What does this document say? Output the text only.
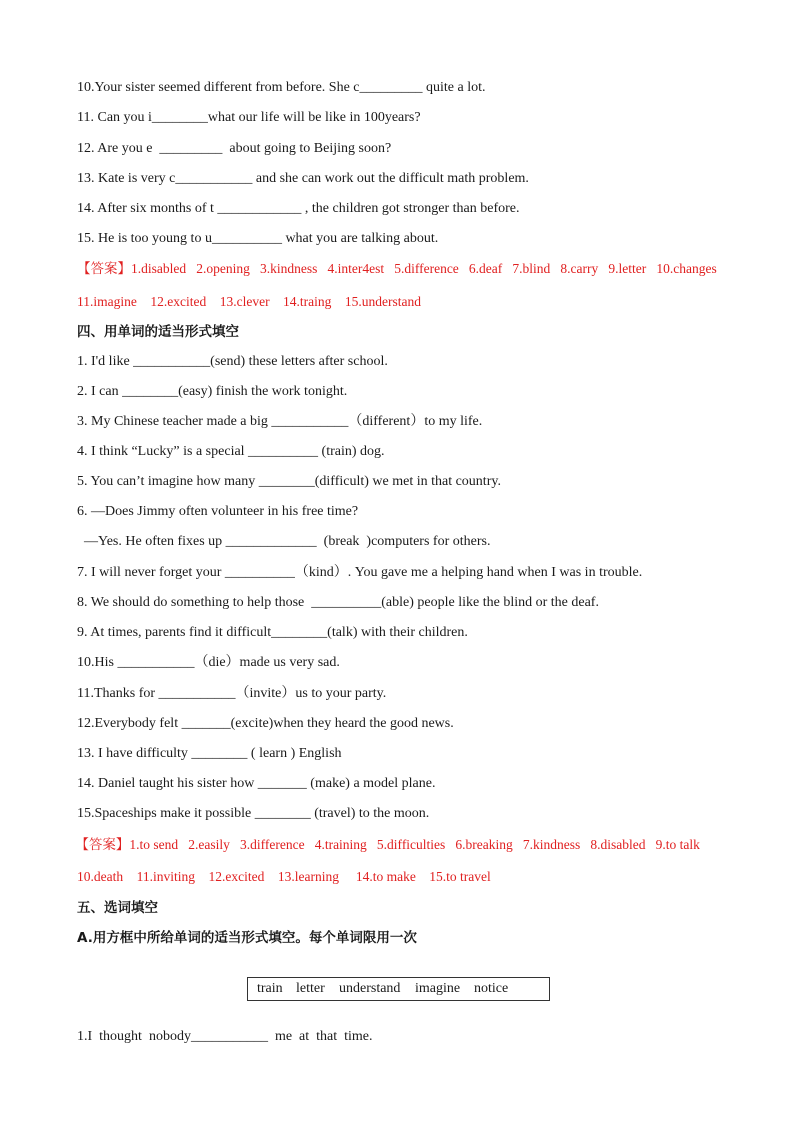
10.Your sister seemed different from before. She c_________ quite a lot.
11. Can you i________what our life will be like in 100years?
12. Are you e  _________  about going to Beijing soon?
13. Kate is very c___________ and she can work out the difficult math problem.
14. After six months of t ____________ , the children got stronger than before.
15. He is too young to u__________ what you are talking about.
【答案】1.disabled   2.opening   3.kindness   4.inter4est   5.difference   6.deaf   7.blind   8.carry   9.letter   10.changes
11.imagine    12.excited    13.clever    14.traing    15.understand
四、用单词的适当形式填空
1. I'd like ___________(send) these letters after school.
2. I can ________(easy) finish the work tonight.
3. My Chinese teacher made a big ___________（different）to my life.
4. I think “Lucky” is a special __________ (train) dog.
5. You can’t imagine how many ________(difficult) we met in that country.
6. —Does Jimmy often volunteer in his free time?
—Yes. He often fixes up _____________  (break  )computers for others.
7. I will never forget your __________（kind）. You gave me a helping hand when I was in trouble.
8. We should do something to help those  __________(able) people like the blind or the deaf.
9. At times, parents find it difficult________(talk) with their children.
10.His ___________（die）made us very sad.
11.Thanks for ___________（invite）us to your party.
12.Everybody felt _______(excite)when they heard the good news.
13. I have difficulty ________ ( learn ) English
14. Daniel taught his sister how _______ (make) a model plane.
15.Spaceships make it possible ________ (travel) to the moon.
【答案】1.to send   2.easily   3.difference   4.training   5.difficulties   6.breaking   7.kindness   8.disabled   9.to talk
10.death    11.inviting    12.excited    13.learning     14.to make    15.to travel
五、选词填空
A.用方框中所给单词的适当形式填空。每个单词限用一次
train letter understand imagine notice
1.I  thought  nobody___________  me  at  that  time.
